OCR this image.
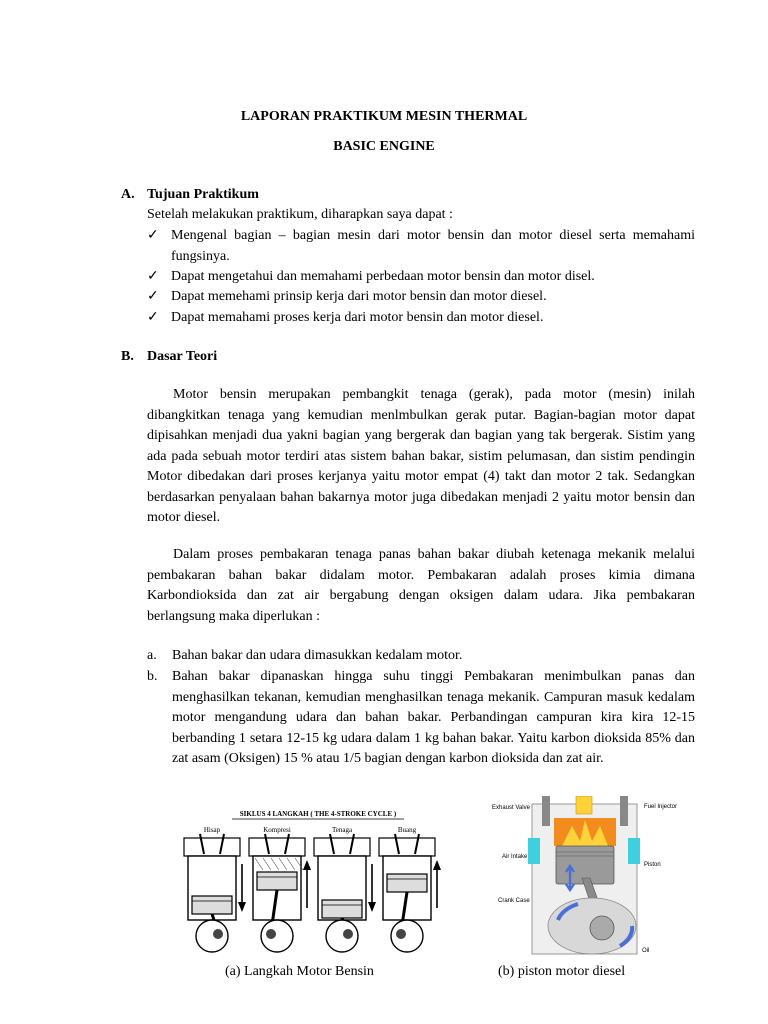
LAPORAN PRAKTIKUM MESIN THERMAL
BASIC ENGINE
A. Tujuan Praktikum
Setelah melakukan praktikum, diharapkan saya dapat :
✓ Mengenal bagian – bagian mesin dari motor bensin dan motor diesel serta memahami fungsinya.
✓ Dapat mengetahui dan memahami perbedaan motor bensin dan motor disel.
✓ Dapat memehami prinsip kerja dari motor bensin dan motor diesel.
✓ Dapat memahami proses kerja dari motor bensin dan motor diesel.
B. Dasar Teori
Motor bensin merupakan pembangkit tenaga (gerak), pada motor (mesin) inilah dibangkitkan tenaga yang kemudian menlmbulkan gerak putar. Bagian-bagian motor dapat dipisahkan menjadi dua yakni bagian yang bergerak dan bagian yang tak bergerak. Sistim yang ada pada sebuah motor terdiri atas sistem bahan bakar, sistim pelumasan, dan sistim pendingin Motor dibedakan dari proses kerjanya yaitu motor empat (4) takt dan motor 2 tak. Sedangkan berdasarkan penyalaan bahan bakarnya motor juga dibedakan menjadi 2 yaitu motor bensin dan motor diesel.
Dalam proses pembakaran tenaga panas bahan bakar diubah ketenaga mekanik melalui pembakaran bahan bakar didalam motor. Pembakaran adalah proses kimia dimana Karbondioksida dan zat air bergabung dengan oksigen dalam udara. Jika pembakaran berlangsung maka diperlukan :
a. Bahan bakar dan udara dimasukkan kedalam motor.
b. Bahan bakar dipanaskan hingga suhu tinggi Pembakaran menimbulkan panas dan menghasilkan tekanan, kemudian menghasilkan tenaga mekanik. Campuran masuk kedalam motor mengandung udara dan bahan bakar. Perbandingan campuran kira kira 12-15 berbanding 1 setara 12-15 kg udara dalam 1 kg bahan bakar. Yaitu karbon dioksida 85% dan zat asam (Oksigen) 15 % atau 1/5 bagian dengan karbon dioksida dan zat air.
SIKLUS 4 LANGKAH ( THE 4-STROKE CYCLE )
Hisap	Kompresi	Tenaga	Buang
Exhaust Valve	Fuel Injector
Air Intake
Piston
Crank Case
Oil
(a) Langkah Motor Bensin	(b) piston motor diesel
